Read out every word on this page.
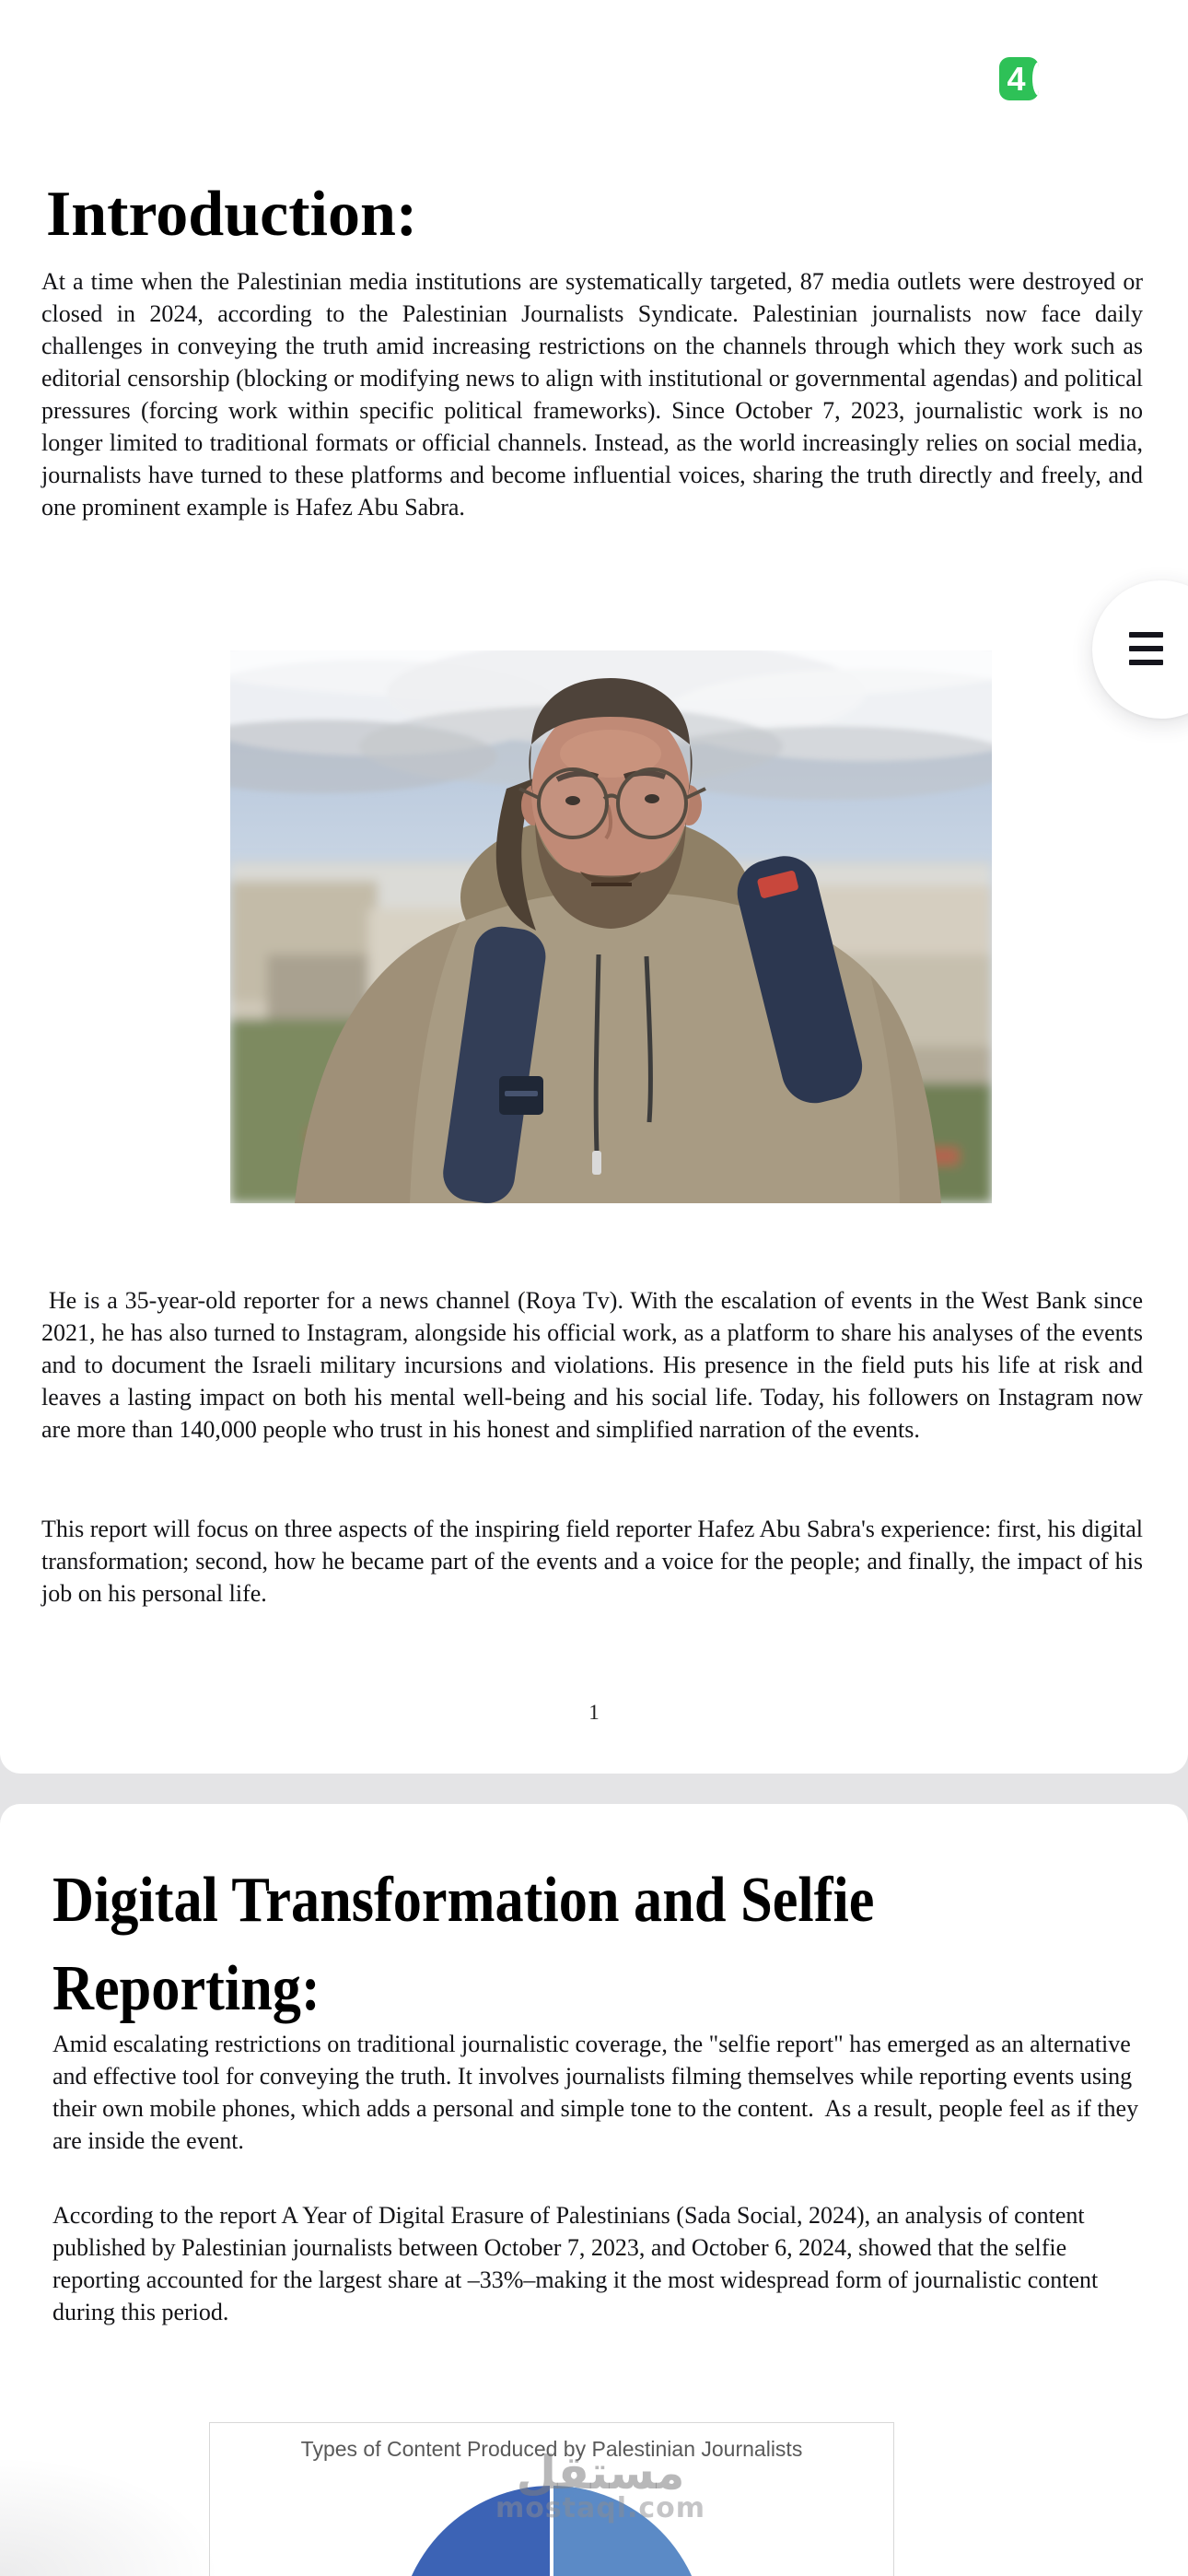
4
Introduction:

At a time when the Palestinian media institutions are systematically targeted, 87 media outlets were destroyed or closed in 2024, according to the Palestinian Journalists Syndicate. Palestinian journalists now face daily challenges in conveying the truth amid increasing restrictions on the channels through which they work such as editorial censorship (blocking or modifying news to align with institutional or governmental agendas) and political pressures (forcing work within specific political frameworks). Since October 7, 2023, journalistic work is no longer limited to traditional formats or official channels. Instead, as the world increasingly relies on social media, journalists have turned to these platforms and become influential voices, sharing the truth directly and freely, and one prominent example is Hafez Abu Sabra.

He is a 35-year-old reporter for a news channel (Roya Tv). With the escalation of events in the West Bank since 2021, he has also turned to Instagram, alongside his official work, as a platform to share his analyses of the events and to document the Israeli military incursions and violations. His presence in the field puts his life at risk and leaves a lasting impact on both his mental well-being and his social life. Today, his followers on Instagram now are more than 140,000 people who trust in his honest and simplified narration of the events.

This report will focus on three aspects of the inspiring field reporter Hafez Abu Sabra's experience: first, his digital transformation; second, how he became part of the events and a voice for the people; and finally, the impact of his job on his personal life.

1
Digital Transformation and Selfie Reporting:

Amid escalating restrictions on traditional journalistic coverage, the "selfie report" has emerged as an alternative and effective tool for conveying the truth. It involves journalists filming themselves while reporting events using their own mobile phones, which adds a personal and simple tone to the content.  As a result, people feel as if they are inside the event.

According to the report A Year of Digital Erasure of Palestinians (Sada Social, 2024), an analysis of content published by Palestinian journalists between October 7, 2023, and October 6, 2024, showed that the selfie reporting accounted for the largest share at –33%–making it the most widespread form of journalistic content during this period.

Types of Content Produced by Palestinian Journalists
مستقل
mostaql.com
